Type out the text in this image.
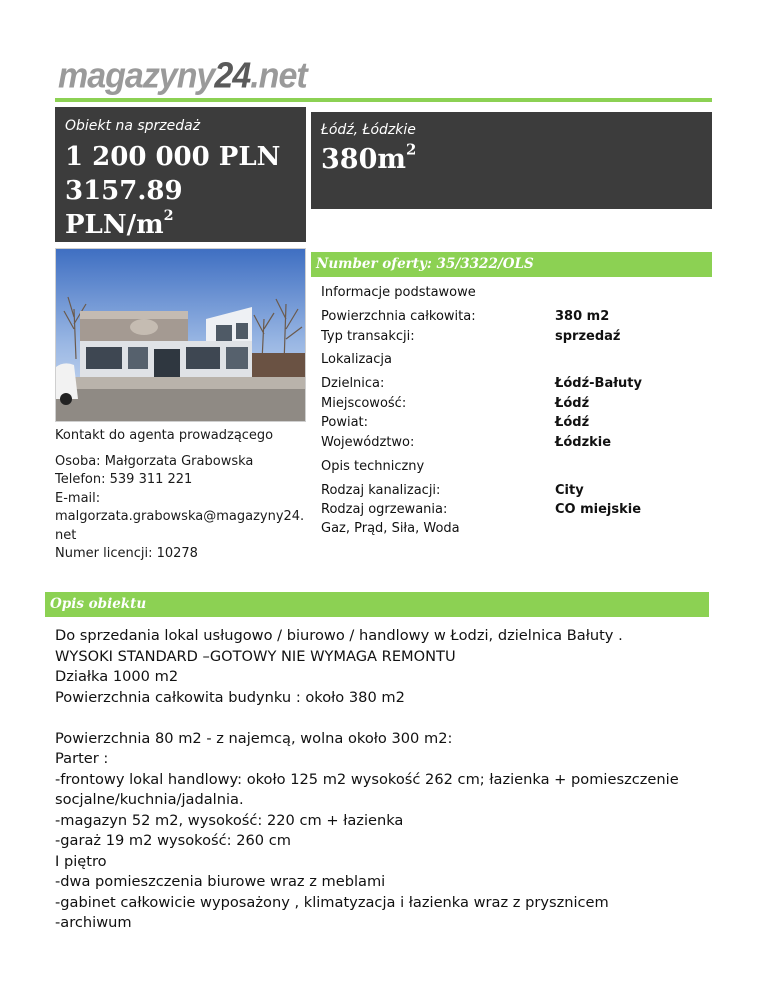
magazyny24.net
Obiekt na sprzedaż
1 200 000 PLN
3157.89
PLN/$m^2$
Łódź, Łódzkie
$380m^2$
Number oferty: 35/3322/OLS
Informacje podstawowe
Powierzchnia całkowita:	380 m2
Typ transakcji:	sprzedaź
Lokalizacja
Dzielnica:	Łódź-Bałuty
Miejscowość:	Łódź
Powiat:	Łódź
Województwo:	Łódzkie
Opis techniczny
Rodzaj kanalizacji:	City
Rodzaj ogrzewania:	CO miejskie
Gaz, Prąd, Siła, Woda
Kontakt do agenta prowadzącego
Osoba: Małgorzata Grabowska
Telefon: 539 311 221
E-mail:
malgorzata.grabowska@magazyny24.
net
Numer licencji: 10278
Opis obiektu
Do sprzedania lokal usługowo / biurowo / handlowy w Łodzi, dzielnica Bałuty .
WYSOKI STANDARD –GOTOWY NIE WYMAGA REMONTU
Działka 1000 m2
Powierzchnia całkowita budynku : około 380 m2
Powierzchnia 80 m2 - z najemcą, wolna około 300 m2:
Parter :
-frontowy lokal handlowy: około 125 m2 wysokość 262 cm; łazienka + pomieszczenie
socjalne/kuchnia/jadalnia.
-magazyn 52 m2, wysokość: 220 cm + łazienka
-garaż 19 m2 wysokość: 260 cm
I piętro
-dwa pomieszczenia biurowe wraz z meblami
-gabinet całkowicie wyposażony , klimatyzacja i łazienka wraz z prysznicem
-archiwum
